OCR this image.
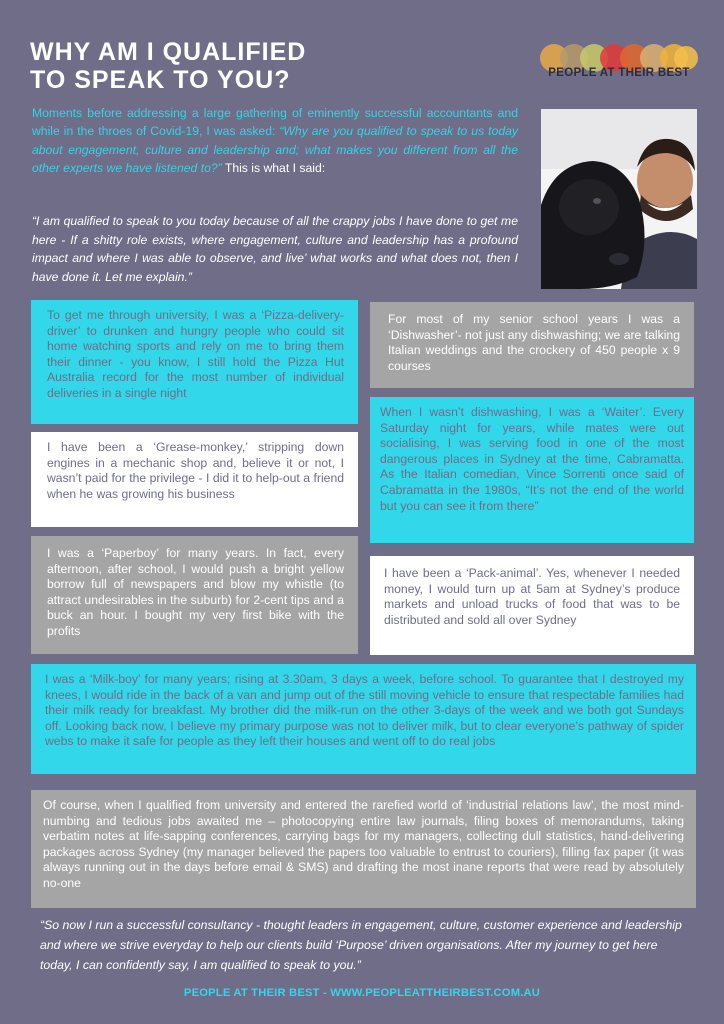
WHY AM I QUALIFIED
TO SPEAK TO YOU?	PEOPLE AT THEIR BEST

Moments before addressing a large gathering of eminently successful accountants and while in the throes of Covid-19, I was asked: “Why are you qualified to speak to us today about engagement, culture and leadership and; what makes you different from all the other experts we have listened to?” This is what I said:

“I am qualified to speak to you today because of all the crappy jobs I have done to get me here - If a shitty role exists, where engagement, culture and leadership has a profound impact and where I was able to observe, and live’ what works and what does not, then I have done it. Let me explain.”

To get me through university, I was a ‘Pizza-delivery-driver’ to drunken and hungry people who could sit home watching sports and rely on me to bring them their dinner - you know, I still hold the Pizza Hut Australia record for the most number of individual deliveries in a single night

I have been a ‘Grease-monkey,’ stripping down engines in a mechanic shop and, believe it or not, I wasn’t paid for the privilege - I did it to help-out a friend when he was growing his business

I was a ‘Paperboy’ for many years. In fact, every afternoon, after school, I would push a bright yellow borrow full of newspapers and blow my whistle (to attract undesirables in the suburb) for 2-cent tips and a buck an hour. I bought my very first bike with the profits

For most of my senior school years I was a ‘Dishwasher’- not just any dishwashing; we are talking Italian weddings and the crockery of 450 people x 9 courses

When I wasn’t dishwashing, I was a ‘Waiter’. Every Saturday night for years, while mates were out socialising, I was serving food in one of the most dangerous places in Sydney at the time, Cabramatta. As the Italian comedian, Vince Sorrenti once said of Cabramatta in the 1980s, “It’s not the end of the world but you can see it from there”

I have been a ‘Pack-animal’. Yes, whenever I needed money, I would turn up at 5am at Sydney’s produce markets and unload trucks of food that was to be distributed and sold all over Sydney

I was a ‘Milk-boy’ for many years; rising at 3.30am, 3 days a week, before school. To guarantee that I destroyed my knees, I would ride in the back of a van and jump out of the still moving vehicle to ensure that respectable families had their milk ready for breakfast. My brother did the milk-run on the other 3-days of the week and we both got Sundays off. Looking back now, I believe my primary purpose was not to deliver milk, but to clear everyone’s pathway of spider webs to make it safe for people as they left their houses and went off to do real jobs

Of course, when I qualified from university and entered the rarefied world of ‘industrial relations law’, the most mind-numbing and tedious jobs awaited me – photocopying entire law journals, filing boxes of memorandums, taking verbatim notes at life-sapping conferences, carrying bags for my managers, collecting dull statistics, hand-delivering packages across Sydney (my manager believed the papers too valuable to entrust to couriers), filling fax paper (it was always running out in the days before email & SMS) and drafting the most inane reports that were read by absolutely no-one

“So now I run a successful consultancy - thought leaders in engagement, culture, customer experience and leadership and where we strive everyday to help our clients build ‘Purpose’ driven organisations. After my journey to get here today, I can confidently say, I am qualified to speak to you.”

PEOPLE AT THEIR BEST - WWW.PEOPLEATTHEIRBEST.COM.AU
